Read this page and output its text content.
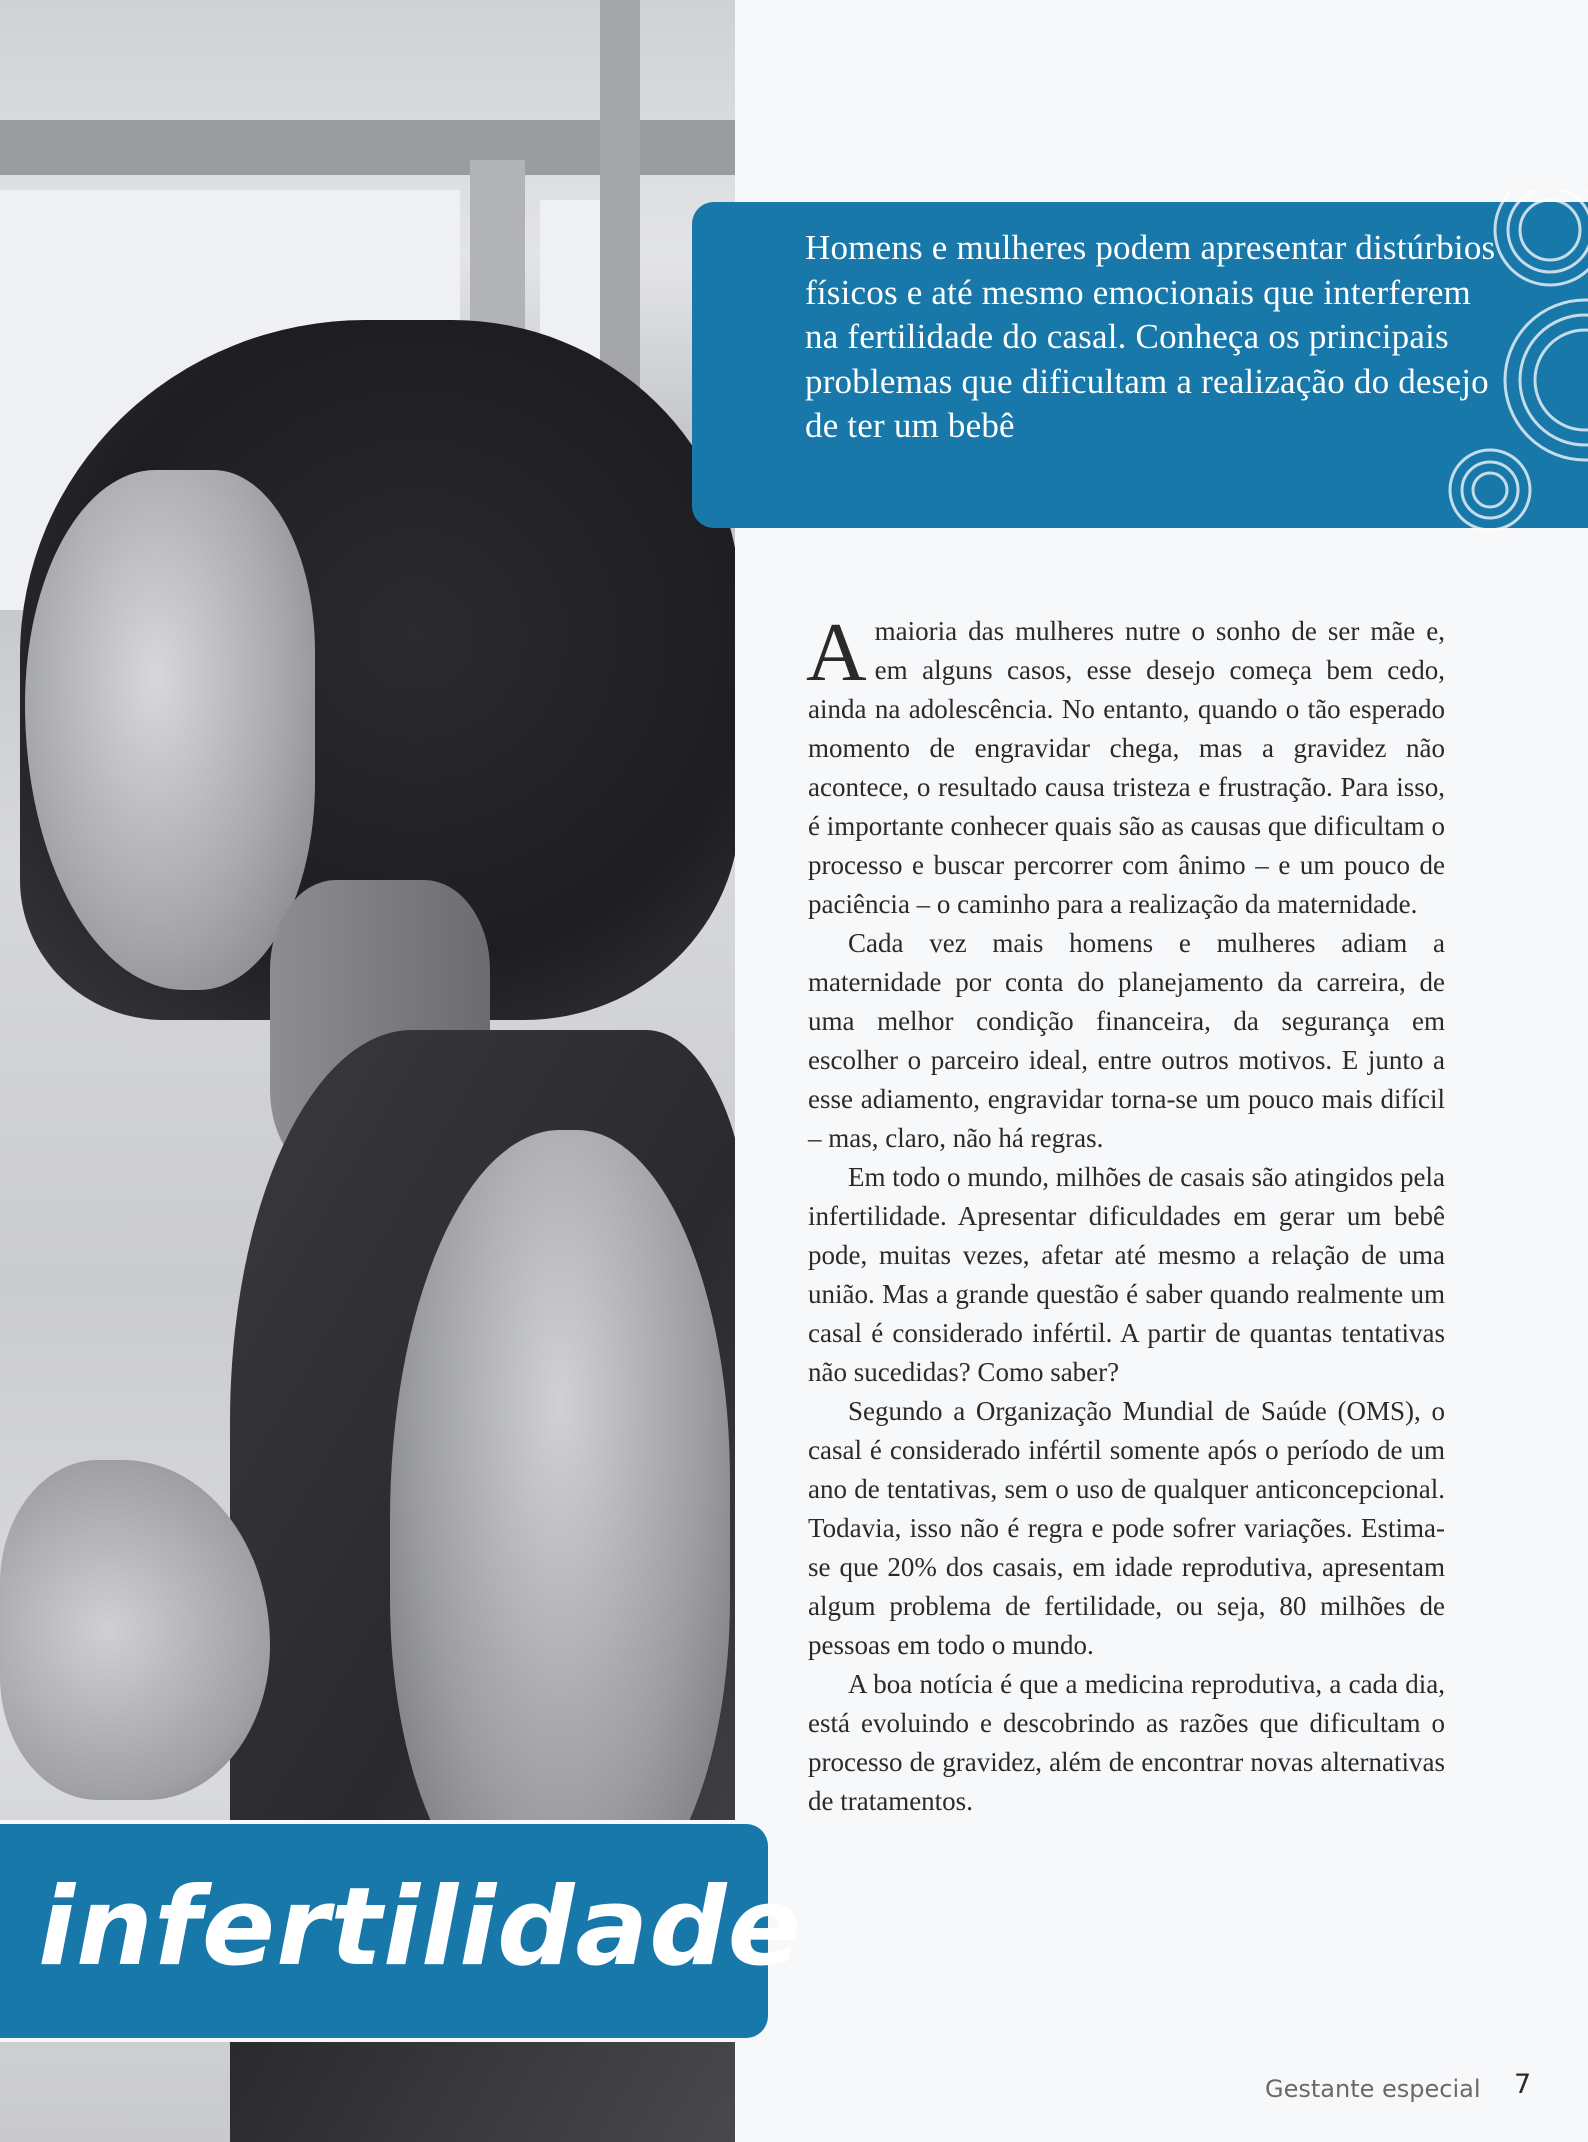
Homens e mulheres podem apresentar distúrbios físicos e até mesmo emocionais que interferem na fertilidade do casal. Conheça os principais problemas que dificultam a realização do desejo de ter um bebê

A maioria das mulheres nutre o sonho de ser mãe e, em alguns casos, esse desejo começa bem cedo, ainda na adolescência. No entanto, quando o tão esperado momento de engravidar chega, mas a gravidez não acontece, o resultado causa tristeza e frustração. Para isso, é importante conhecer quais são as causas que dificultam o processo e buscar percorrer com ânimo – e um pouco de paciência – o caminho para a realização da maternidade.

Cada vez mais homens e mulheres adiam a maternidade por conta do planejamento da carreira, de uma melhor condição financeira, da segurança em escolher o parceiro ideal, entre outros motivos. E junto a esse adiamento, engravidar torna-se um pouco mais difícil – mas, claro, não há regras.

Em todo o mundo, milhões de casais são atingidos pela infertilidade. Apresentar dificuldades em gerar um bebê pode, muitas vezes, afetar até mesmo a relação de uma união. Mas a grande questão é saber quando realmente um casal é considerado infértil. A partir de quantas tentativas não sucedidas? Como saber?

Segundo a Organização Mundial de Saúde (OMS), o casal é considerado infértil somente após o período de um ano de tentativas, sem o uso de qualquer anticoncepcional. Todavia, isso não é regra e pode sofrer variações. Estima-se que 20% dos casais, em idade reprodutiva, apresentam algum problema de fertilidade, ou seja, 80 milhões de pessoas em todo o mundo.

A boa notícia é que a medicina reprodutiva, a cada dia, está evoluindo e descobrindo as razões que dificultam o processo de gravidez, além de encontrar novas alternativas de tratamentos.

infertilidade
Gestante especial 7
